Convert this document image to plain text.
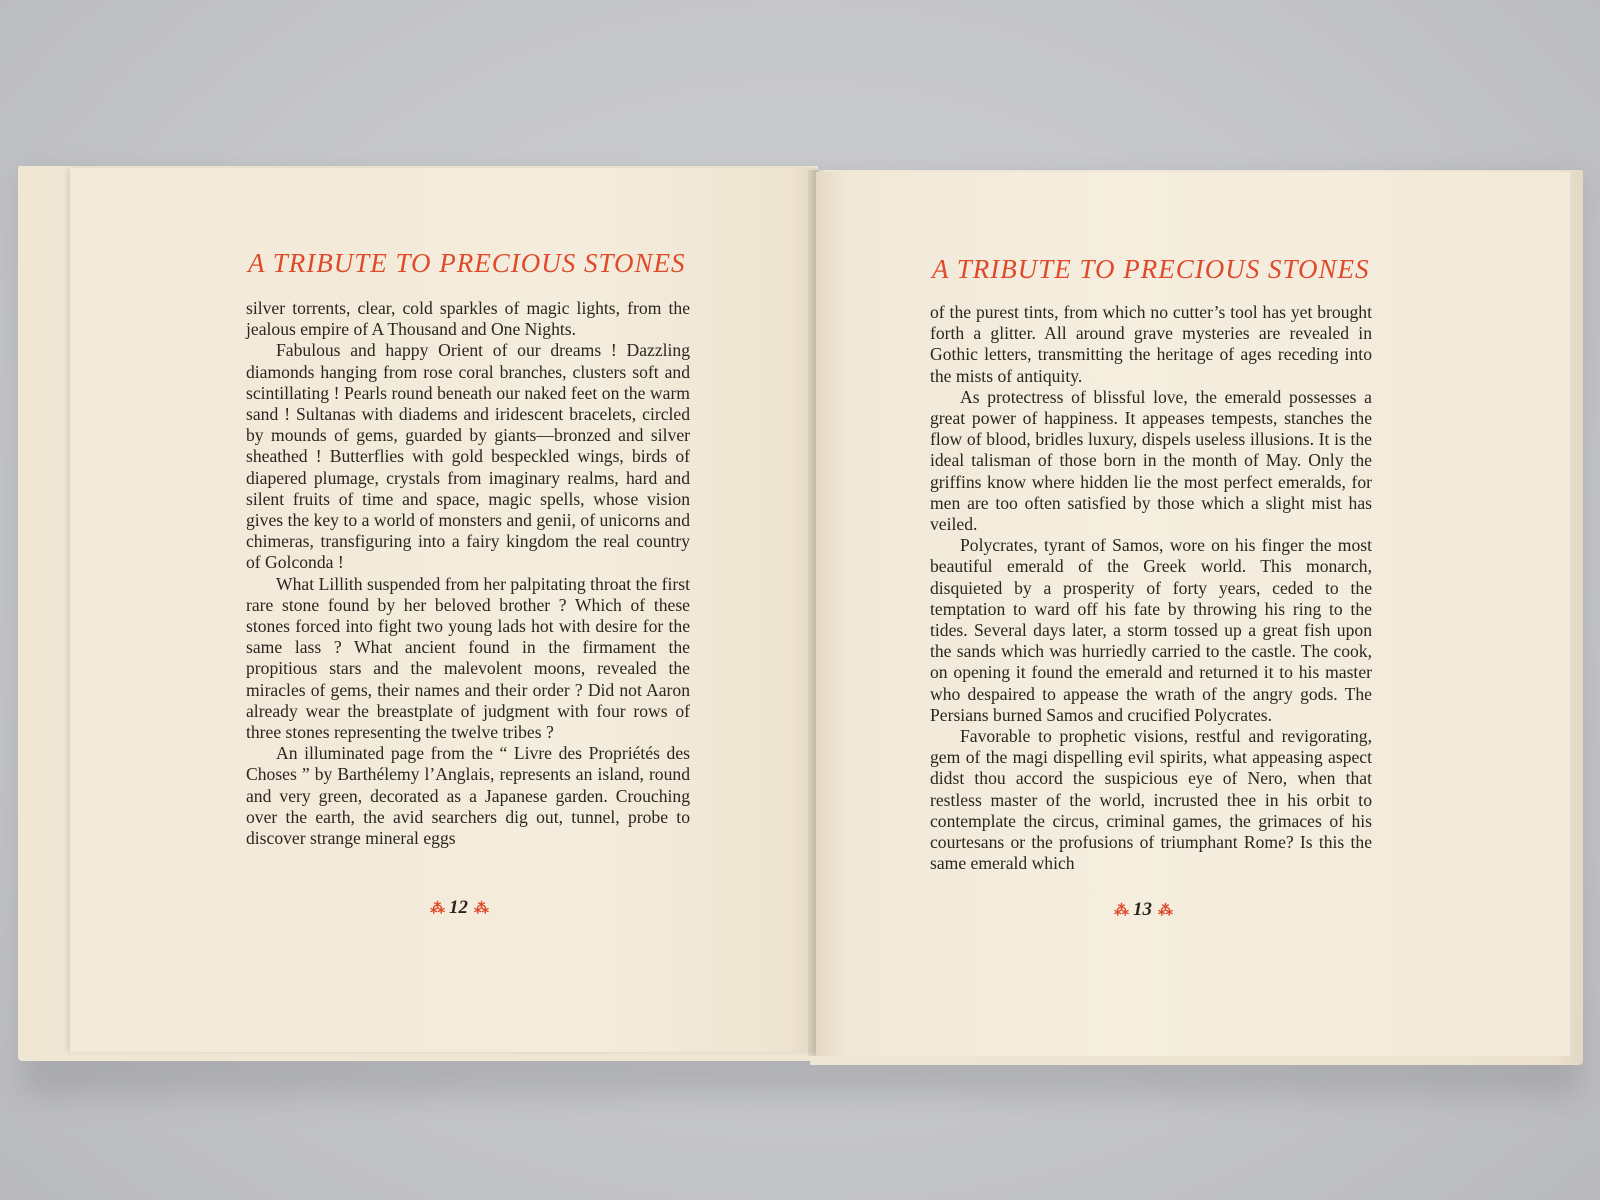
A TRIBUTE TO PRECIOUS STONES

silver torrents, clear, cold sparkles of magic lights, from the jealous empire of A Thousand and One Nights.

Fabulous and happy Orient of our dreams ! Dazzling diamonds hanging from rose coral branches, clusters soft and scintillating ! Pearls round beneath our naked feet on the warm sand ! Sultanas with diadems and iridescent bracelets, circled by mounds of gems, guarded by giants—bronzed and silver sheathed ! Butterflies with gold bespeckled wings, birds of diapered plumage, crystals from imaginary realms, hard and silent fruits of time and space, magic spells, whose vision gives the key to a world of monsters and genii, of unicorns and chimeras, transfiguring into a fairy kingdom the real country of Golconda !

What Lillith suspended from her palpitating throat the first rare stone found by her beloved brother ? Which of these stones forced into fight two young lads hot with desire for the same lass ? What ancient found in the firmament the propitious stars and the malevolent moons, revealed the miracles of gems, their names and their order ? Did not Aaron already wear the breastplate of judgment with four rows of three stones representing the twelve tribes ?

An illuminated page from the “ Livre des Propriétés des Choses ” by Barthélemy l’Anglais, represents an island, round and very green, decorated as a Japanese garden. Crouching over the earth, the avid searchers dig out, tunnel, probe to discover strange mineral eggs

⁂ 12 ⁂
A TRIBUTE TO PRECIOUS STONES

of the purest tints, from which no cutter’s tool has yet brought forth a glitter. All around grave mysteries are revealed in Gothic letters, transmitting the heritage of ages receding into the mists of antiquity.

As protectress of blissful love, the emerald possesses a great power of happiness. It appeases tempests, stanches the flow of blood, bridles luxury, dispels useless illusions. It is the ideal talisman of those born in the month of May. Only the griffins know where hidden lie the most perfect emeralds, for men are too often satisfied by those which a slight mist has veiled.

Polycrates, tyrant of Samos, wore on his finger the most beautiful emerald of the Greek world. This monarch, disquieted by a prosperity of forty years, ceded to the temptation to ward off his fate by throwing his ring to the tides. Several days later, a storm tossed up a great fish upon the sands which was hurriedly carried to the castle. The cook, on opening it found the emerald and returned it to his master who despaired to appease the wrath of the angry gods. The Persians burned Samos and crucified Polycrates.

Favorable to prophetic visions, restful and revigorating, gem of the magi dispelling evil spirits, what appeasing aspect didst thou accord the suspicious eye of Nero, when that restless master of the world, incrusted thee in his orbit to contemplate the circus, criminal games, the grimaces of his courtesans or the profusions of triumphant Rome? Is this the same emerald which

⁂ 13 ⁂
